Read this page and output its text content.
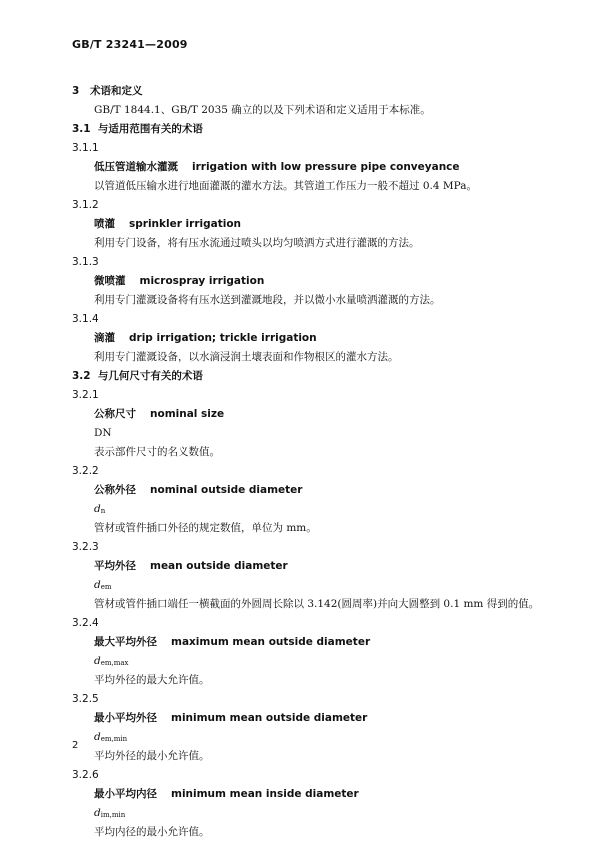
GB/T 23241—2009
3 术语和定义
GB/T 1844.1、GB/T 2035 确立的以及下列术语和定义适用于本标准。
3.1 与适用范围有关的术语
3.1.1
低压管道输水灌溉 irrigation with low pressure pipe conveyance
以管道低压输水进行地面灌溉的灌水方法。其管道工作压力一般不超过 0.4 MPa。
3.1.2
喷灌 sprinkler irrigation
利用专门设备，将有压水流通过喷头以均匀喷洒方式进行灌溉的方法。
3.1.3
微喷灌 microspray irrigation
利用专门灌溉设备将有压水送到灌溉地段，并以微小水量喷洒灌溉的方法。
3.1.4
滴灌 drip irrigation; trickle irrigation
利用专门灌溉设备，以水滴浸润土壤表面和作物根区的灌水方法。
3.2 与几何尺寸有关的术语
3.2.1
公称尺寸 nominal size
DN
表示部件尺寸的名义数值。
3.2.2
公称外径 nominal outside diameter
$d_n$
管材或管件插口外径的规定数值，单位为 mm。
3.2.3
平均外径 mean outside diameter
$d_{em}$
管材或管件插口端任一横截面的外圆周长除以 3.142(圆周率)并向大圆整到 0.1 mm 得到的值。
3.2.4
最大平均外径 maximum mean outside diameter
$d_{em,max}$
平均外径的最大允许值。
3.2.5
最小平均外径 minimum mean outside diameter
$d_{em,min}$
平均外径的最小允许值。
3.2.6
最小平均内径 minimum mean inside diameter
$d_{im,min}$
平均内径的最小允许值。
2
